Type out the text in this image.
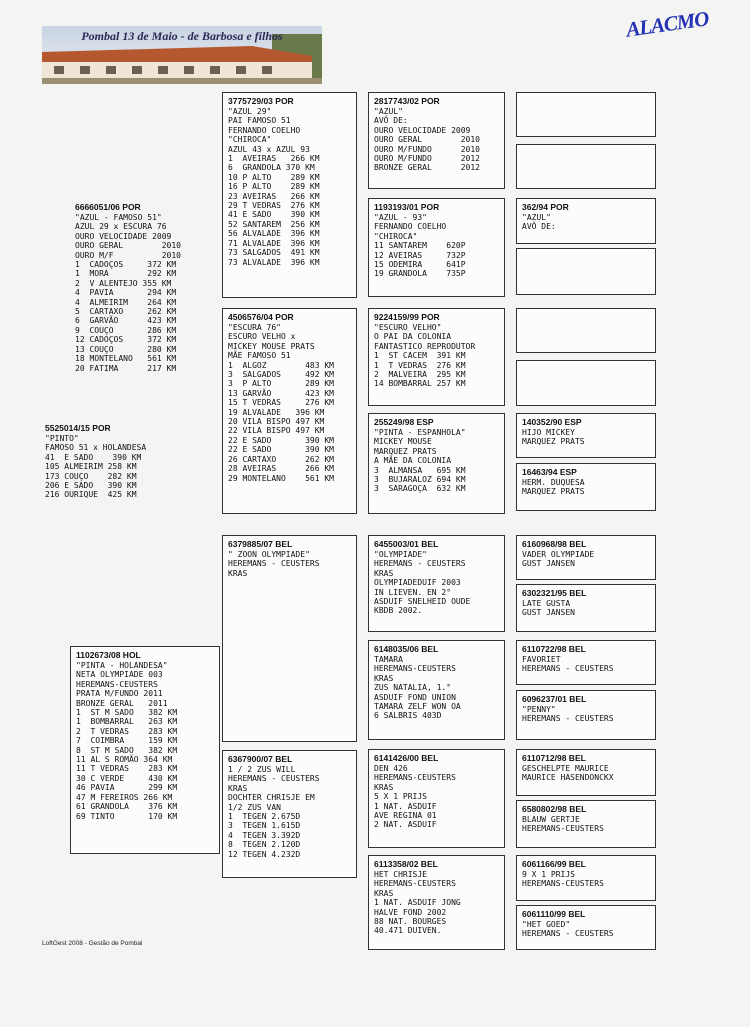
Pombal 13 de Maio - de Barbosa e filhos	ALACMO
6666051/06 POR
"AZUL - FAMOSO 51"
AZUL 29 x ESCURA 76
OURO VELOCIDADE 2009
OURO GERAL        2010
OURO M/F          2010
1  CADOÇOS     372 KM
1  MORA        292 KM
2  V ALENTEJO 355 KM
4  PAVIA       294 KM
4  ALMEIRIM    264 KM
5  CARTAXO     262 KM
6  GARVÃO      423 KM
9  COUÇO       286 KM
12 CADOÇOS     372 KM
13 COUÇO       280 KM
18 MONTELANO   561 KM
20 FATIMA      217 KM
5525014/15 POR
"PINTO"
FAMOSO 51 x HOLANDESA
41  E SADO    390 KM
105 ALMEIRIM 258 KM
173 COUÇO    282 KM
206 E SADO   390 KM
216 OURIQUE  425 KM
1102673/08 HOL
"PINTA - HOLANDESA"
NETA OLYMPIADE 003
HEREMANS-CEUSTERS
PRATA M/FUNDO 2011
BRONZE GERAL   2011
1  ST M SADO   382 KM
1  BOMBARRAL   263 KM
2  T VEDRAS    283 KM
7  COIMBRA     159 KM
8  ST M SADO   382 KM
11 AL S ROMÃO 364 KM
11 T VEDRAS    283 KM
30 C VERDE     430 KM
46 PAVIA       299 KM
47 M FEREIROS 266 KM
61 GRANDOLA    376 KM
69 TINTO       170 KM
3775729/03 POR
"AZUL 29"
PAI FAMOSO 51
FERNANDO COELHO
"CHIROCA"
AZUL 43 x AZUL 93
1  AVEIRAS   266 KM
6  GRANDOLA 370 KM
10 P ALTO    289 KM
16 P ALTO    289 KM
23 AVEIRAS   266 KM
29 T VEDRAS  276 KM
41 E SADO    390 KM
52 SANTAREM  256 KM
56 ALVALADE  396 KM
71 ALVALADE  396 KM
73 SALGADOS  491 KM
73 ALVALADE  396 KM
4506576/04 POR
"ESCURA 76"
ESCURO VELHO x
MICKEY MOUSE PRATS
MÃE FAMOSO 51
1  ALGOZ        483 KM
3  SALGADOS     492 KM
3  P ALTO       289 KM
13 GARVÃO       423 KM
15 T VEDRAS     276 KM
19 ALVALADE   396 KM
20 VILA BISPO 497 KM
22 VILA BISPO 497 KM
22 E SADO       390 KM
22 E SADO       390 KM
26 CARTAXO      262 KM
28 AVEIRAS      266 KM
29 MONTELANO    561 KM
6379885/07 BEL
" ZOON OLYMPIADE"
HEREMANS - CEUSTERS
KRAS
6367900/07 BEL
1 / 2 ZUS WILL
HEREMANS - CEUSTERS
KRAS
DOCHTER CHRISJE EM
1/2 ZUS VAN
1  TEGEN 2.675D
3  TEGEN 1.615D
4  TEGEN 3.392D
8  TEGEN 2.120D
12 TEGEN 4.232D
2817743/02 POR
"AZUL"
AVÔ DE:
OURO VELOCIDADE 2009
OURO GERAL        2010
OURO M/FUNDO      2010
OURO M/FUNDO      2012
BRONZE GERAL      2012
1193193/01 POR
"AZUL - 93"
FERNANDO COELHO
"CHIROCA"
11 SANTAREM    620P
12 AVEIRAS     732P
15 ODEMIRA     641P
19 GRANDOLA    735P
9224159/99 POR
"ESCURO VELHO"
O PAI DA COLONIA
FANTASTICO REPRODUTOR
1  ST CACEM  391 KM
1  T VEDRAS  276 KM
2  MALVEIRA  295 KM
14 BOMBARRAL 257 KM
255249/98 ESP
"PINTA - ESPANHOLA"
MICKEY MOUSE
MARQUEZ PRATS
A MÃE DA COLONIA
3  ALMANSA   695 KM
3  BUJARALOZ 694 KM
3  SARAGOÇA  632 KM
6455003/01 BEL
"OLYMPIADE"
HEREMANS - CEUSTERS
KRAS
OLYMPIADEDUIF 2003
IN LIEVEN. EN 2°
ASDUIF SNELHEID OUDE
KBDB 2002.
6148035/06 BEL
TAMARA
HEREMANS-CEUSTERS
KRAS
ZUS NATALIA, 1.°
ASDUIF FOND UNION
TAMARA ZELF WON OA
6 SALBRIS 403D
6141426/00 BEL
DEN 426
HEREMANS-CEUSTERS
KRAS
5 X 1 PRIJS
1 NAT. ASDUIF
AVE REGINA 01
2 NAT. ASDUIF
6113358/02 BEL
HET CHRISJE
HEREMANS-CEUSTERS
KRAS
1 NAT. ASDUIF JONG
HALVE FOND 2002
88 NAT. BOURGES
40.471 DUIVEN.
362/94 POR
"AZUL"
AVÔ DE:
140352/90 ESP
HIJO MICKEY
MARQUEZ PRATS
16463/94 ESP
HERM. DUQUESA
MARQUEZ PRATS
6160968/98 BEL
VADER OLYMPIADE
GUST JANSEN
6302321/95 BEL
LATE GUSTA
GUST JANSEN
6110722/98 BEL
FAVORIET
HEREMANS - CEUSTERS
6096237/01 BEL
"PENNY"
HEREMANS - CEUSTERS
6110712/98 BEL
GESCHELPTE MAURICE
MAURICE HASENDONCKX
6580802/98 BEL
BLAUW GERTJE
HEREMANS-CEUSTERS
6061166/99 BEL
9 X 1 PRIJS
HEREMANS-CEUSTERS
6061110/99 BEL
"HET GOED"
HEREMANS - CEUSTERS
LoftGest 2008 - Gestão de Pombal
